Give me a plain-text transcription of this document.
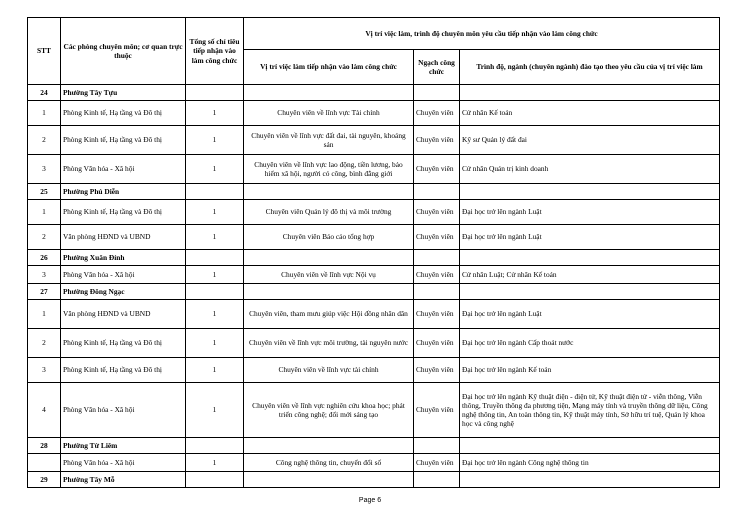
STT	Các phòng chuyên môn; cơ quan trực thuộc	Tổng số chỉ tiêu tiếp nhận vào làm công chức	Vị trí việc làm, trình độ chuyên môn yêu cầu tiếp nhận vào làm công chức		
			Vị trí việc làm tiếp nhận vào làm công chức	Ngạch công chức	Trình độ, ngành (chuyên ngành) đào tạo theo yêu cầu của vị trí việc làm
24	Phường Tây Tựu				
1	Phòng Kinh tế, Hạ tầng và Đô thị	1	Chuyên viên về lĩnh vực Tài chính	Chuyên viên	Cử nhân Kế toán
2	Phòng Kinh tế, Hạ tầng và Đô thị	1	Chuyên viên về lĩnh vực đất đai, tài nguyên, khoáng sản	Chuyên viên	Kỹ sư Quản lý đất đai
3	Phòng Văn hóa - Xã hội	1	Chuyên viên về lĩnh vực lao động, tiền lương, bảo hiểm xã hội, người có công, bình đẳng giới	Chuyên viên	Cử nhân Quản trị kinh doanh
25	Phường Phú Diễn				
1	Phòng Kinh tế, Hạ tầng và Đô thị	1	Chuyên viên Quản lý đô thị và môi trường	Chuyên viên	Đại học trở lên ngành Luật
2	Văn phòng HĐND và UBND	1	Chuyên viên Báo cáo tổng hợp	Chuyên viên	Đại học trở lên ngành Luật
26	Phường Xuân Đỉnh				
3	Phòng Văn hóa - Xã hội	1	Chuyên viên về lĩnh vực Nội vụ	Chuyên viên	Cử nhân Luật; Cử nhân Kế toán
27	Phường Đông Ngạc				
1	Văn phòng HĐND và UBND	1	Chuyên viên, tham mưu giúp việc Hội đồng nhân dân	Chuyên viên	Đại học trở lên ngành Luật
2	Phòng Kinh tế, Hạ tầng và Đô thị	1	Chuyên viên về lĩnh vực môi trường, tài nguyên nước	Chuyên viên	Đại học trở lên ngành Cấp thoát nước
3	Phòng Kinh tế, Hạ tầng và Đô thị	1	Chuyên viên về lĩnh vực tài chính	Chuyên viên	Đại học trở lên ngành Kế toán
4	Phòng Văn hóa - Xã hội	1	Chuyên viên về lĩnh vực nghiên cứu khoa học; phát triển công nghệ; đổi mới sáng tạo	Chuyên viên	Đại học trở lên ngành Kỹ thuật điện - điện tử, Kỹ thuật điện tử - viễn thông, Viễn thông, Truyền thông đa phương tiện, Mạng máy tính và truyền thông dữ liệu, Công nghệ thông tin, An toàn thông tin, Kỹ thuật máy tính, Sở hữu trí tuệ, Quản lý khoa học và công nghệ
28	Phường Từ Liêm				
	Phòng Văn hóa - Xã hội	1	Công nghệ thông tin, chuyển đổi số	Chuyên viên	Đại học trở lên ngành Công nghệ thông tin
29	Phường Tây Mỗ				
Page 6
